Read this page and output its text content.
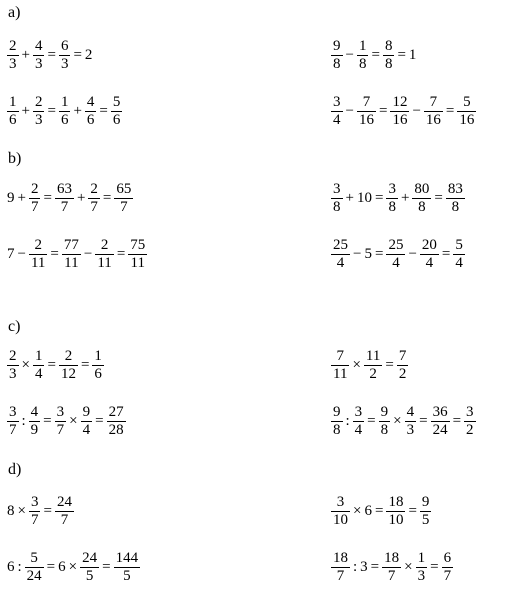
a)
$\frac{2}{3} + \frac{4}{3} = \frac{6}{3} = 2$	$\frac{9}{8} - \frac{1}{8} = \frac{8}{8} = 1$
$\frac{1}{6} + \frac{2}{3} = \frac{1}{6} + \frac{4}{6} = \frac{5}{6}$	$\frac{3}{4} - \frac{7}{16} = \frac{12}{16} - \frac{7}{16} = \frac{5}{16}$
b)
$9 + \frac{2}{7} = \frac{63}{7} + \frac{2}{7} = \frac{65}{7}$	$\frac{3}{8} + 10 = \frac{3}{8} + \frac{80}{8} = \frac{83}{8}$
$7 - \frac{2}{11} = \frac{77}{11} - \frac{2}{11} = \frac{75}{11}$	$\frac{25}{4} - 5 = \frac{25}{4} - \frac{20}{4} = \frac{5}{4}$
c)
$\frac{2}{3} \times \frac{1}{4} = \frac{2}{12} = \frac{1}{6}$	$\frac{7}{11} \times \frac{11}{2} = \frac{7}{2}$
$\frac{3}{7}$ : $\frac{4}{9} = \frac{3}{7} \times \frac{9}{4} = \frac{27}{28}$	$\frac{9}{8}$ : $\frac{3}{4} = \frac{9}{8} \times \frac{4}{3} = \frac{36}{24} = \frac{3}{2}$
d)
$8 \times \frac{3}{7} = \frac{24}{7}$	$\frac{3}{10} \times 6 = \frac{18}{10} = \frac{9}{5}$
6 : $\frac{5}{24} = 6 \times \frac{24}{5} = \frac{144}{5}$	$\frac{18}{7}$ : $3 = \frac{18}{7} \times \frac{1}{3} = \frac{6}{7}$
